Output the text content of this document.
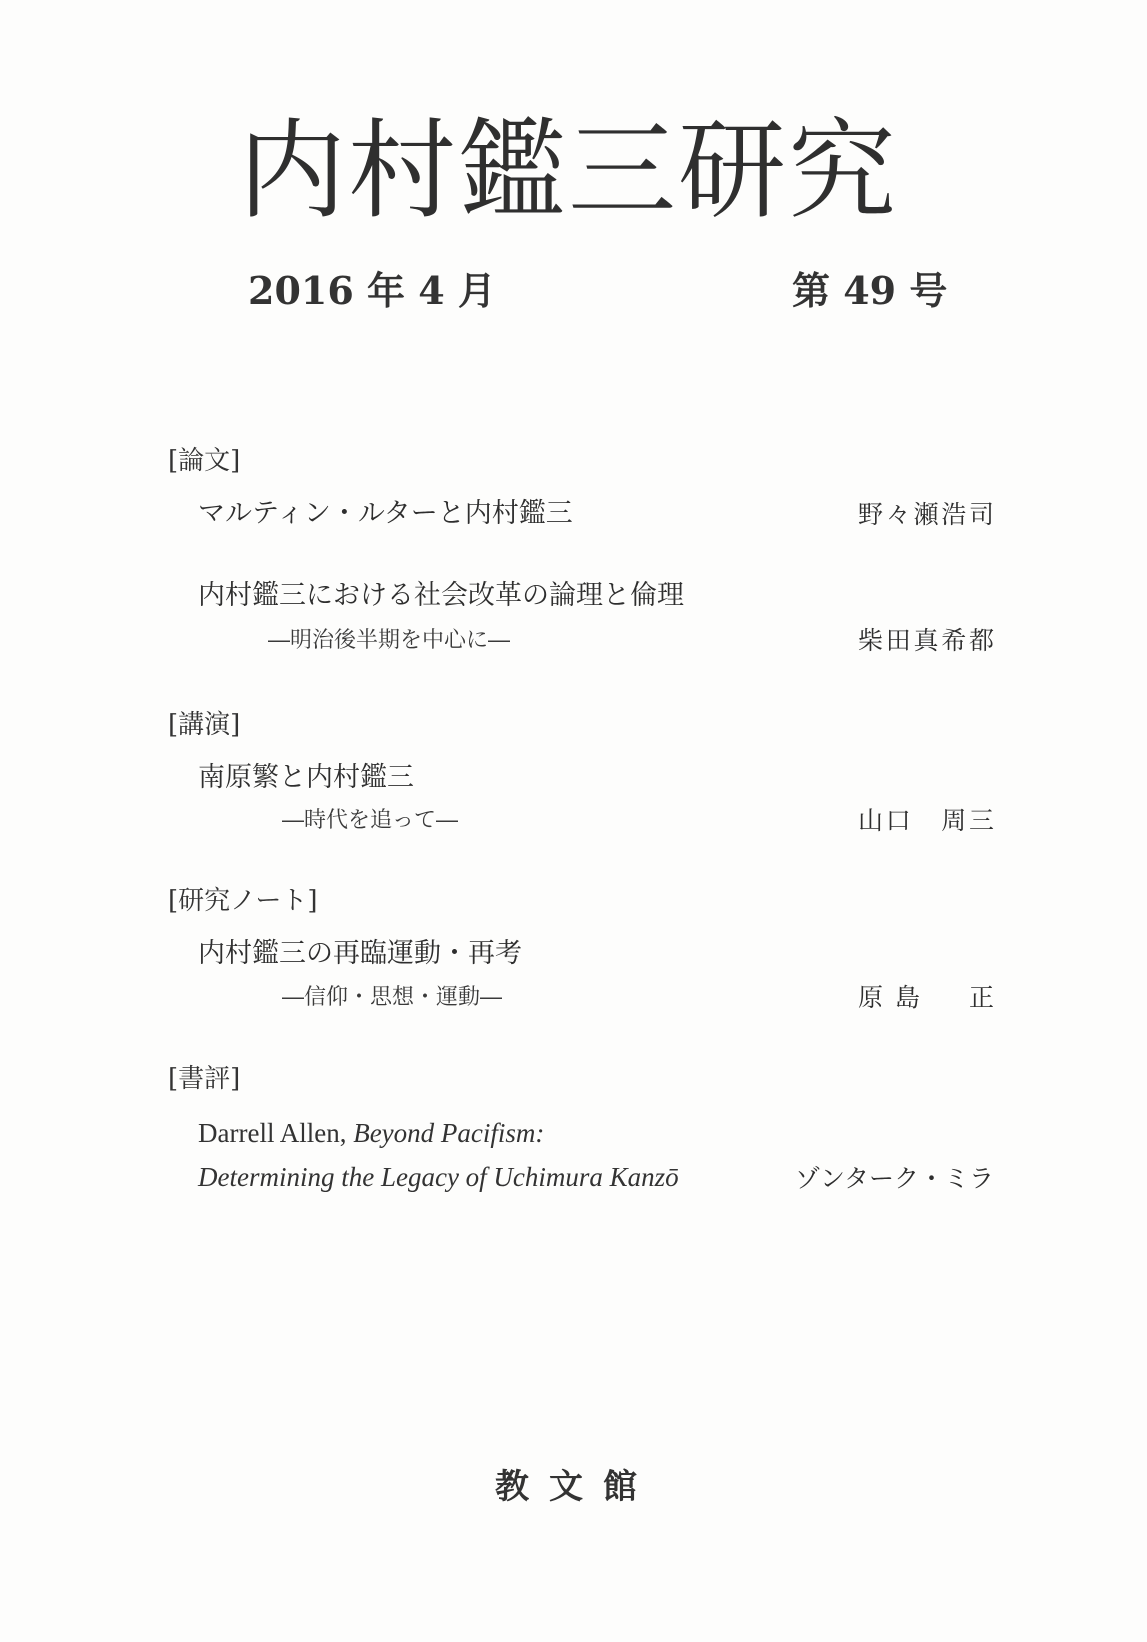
内村鑑三研究
2016 年 4 月	第 49 号
[論文]
マルティン・ルターと内村鑑三	野々瀬浩司
内村鑑三における社会改革の論理と倫理
―明治後半期を中心に―	柴田真希都
[講演]
南原繁と内村鑑三
―時代を追って―	山口　周三
[研究ノート]
内村鑑三の再臨運動・再考
―信仰・思想・運動―	原島　正
[書評]
Darrell Allen, Beyond Pacifism:
Determining the Legacy of Uchimura Kanzō	ゾンターク・ミラ
教文館
